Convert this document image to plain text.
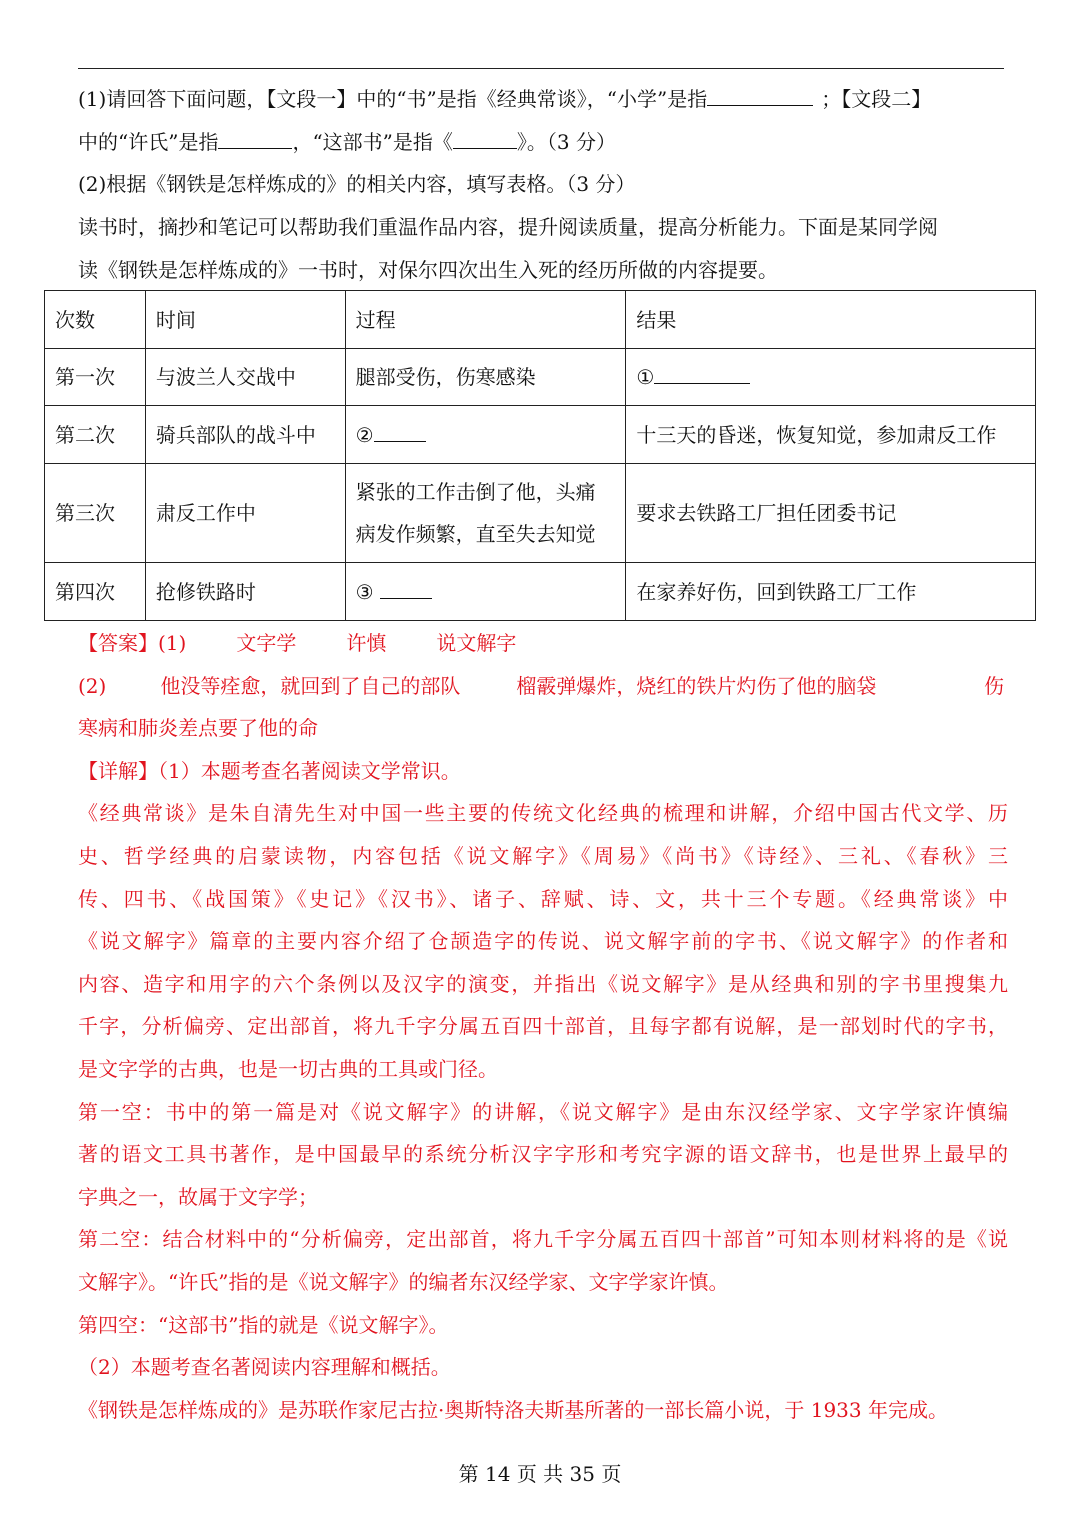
(1)请回答下面问题，【文段一】中的“书”是指《经典常谈》，“小学”是指	；【文段二】
中的“许氏”是指	，“这部书”是指《	》。（3 分）
(2)根据《钢铁是怎样炼成的》的相关内容，填写表格。（3 分）
读书时，摘抄和笔记可以帮助我们重温作品内容，提升阅读质量，提高分析能力。下面是某同学阅
读《钢铁是怎样炼成的》一书时，对保尔四次出生入死的经历所做的内容提要。
次数	时间	过程	结果
第一次	与波兰人交战中	腿部受伤，伤寒感染	①
第二次	骑兵部队的战斗中	②	十三天的昏迷，恢复知觉，参加肃反工作
第三次	肃反工作中	紧张的工作击倒了他，头痛病发作频繁，直至失去知觉	要求去铁路工厂担任团委书记
第四次	抢修铁路时	③	在家养好伤，回到铁路工厂工作
【答案】(1)	文字学	许慎	说文解字
(2)	他没等痊愈，就回到了自己的部队	榴霰弹爆炸，烧红的铁片灼伤了他的脑袋	伤
寒病和肺炎差点要了他的命
【详解】（1）本题考查名著阅读文学常识。
《经典常谈》是朱自清先生对中国一些主要的传统文化经典的梳理和讲解，介绍中国古代文学、历
史、哲学经典的启蒙读物，内容包括《说文解字》《周易》《尚书》《诗经》、三礼、《春秋》三
传、四书、《战国策》《史记》《汉书》、诸子、辞赋、诗、文，共十三个专题。《经典常谈》中
《说文解字》篇章的主要内容介绍了仓颉造字的传说、说文解字前的字书、《说文解字》的作者和
内容、造字和用字的六个条例以及汉字的演变，并指出《说文解字》是从经典和别的字书里搜集九
千字，分析偏旁、定出部首，将九千字分属五百四十部首，且每字都有说解，是一部划时代的字书，
是文字学的古典，也是一切古典的工具或门径。
第一空：书中的第一篇是对《说文解字》的讲解，《说文解字》是由东汉经学家、文字学家许慎编
著的语文工具书著作，是中国最早的系统分析汉字字形和考究字源的语文辞书，也是世界上最早的
字典之一，故属于文字学；
第二空：结合材料中的“分析偏旁，定出部首，将九千字分属五百四十部首”可知本则材料将的是《说
文解字》。“许氏”指的是《说文解字》的编者东汉经学家、文字学家许慎。
第四空：“这部书”指的就是《说文解字》。
（2）本题考查名著阅读内容理解和概括。
《钢铁是怎样炼成的》是苏联作家尼古拉·奥斯特洛夫斯基所著的一部长篇小说，于 1933 年完成。
第 14 页 共 35 页
